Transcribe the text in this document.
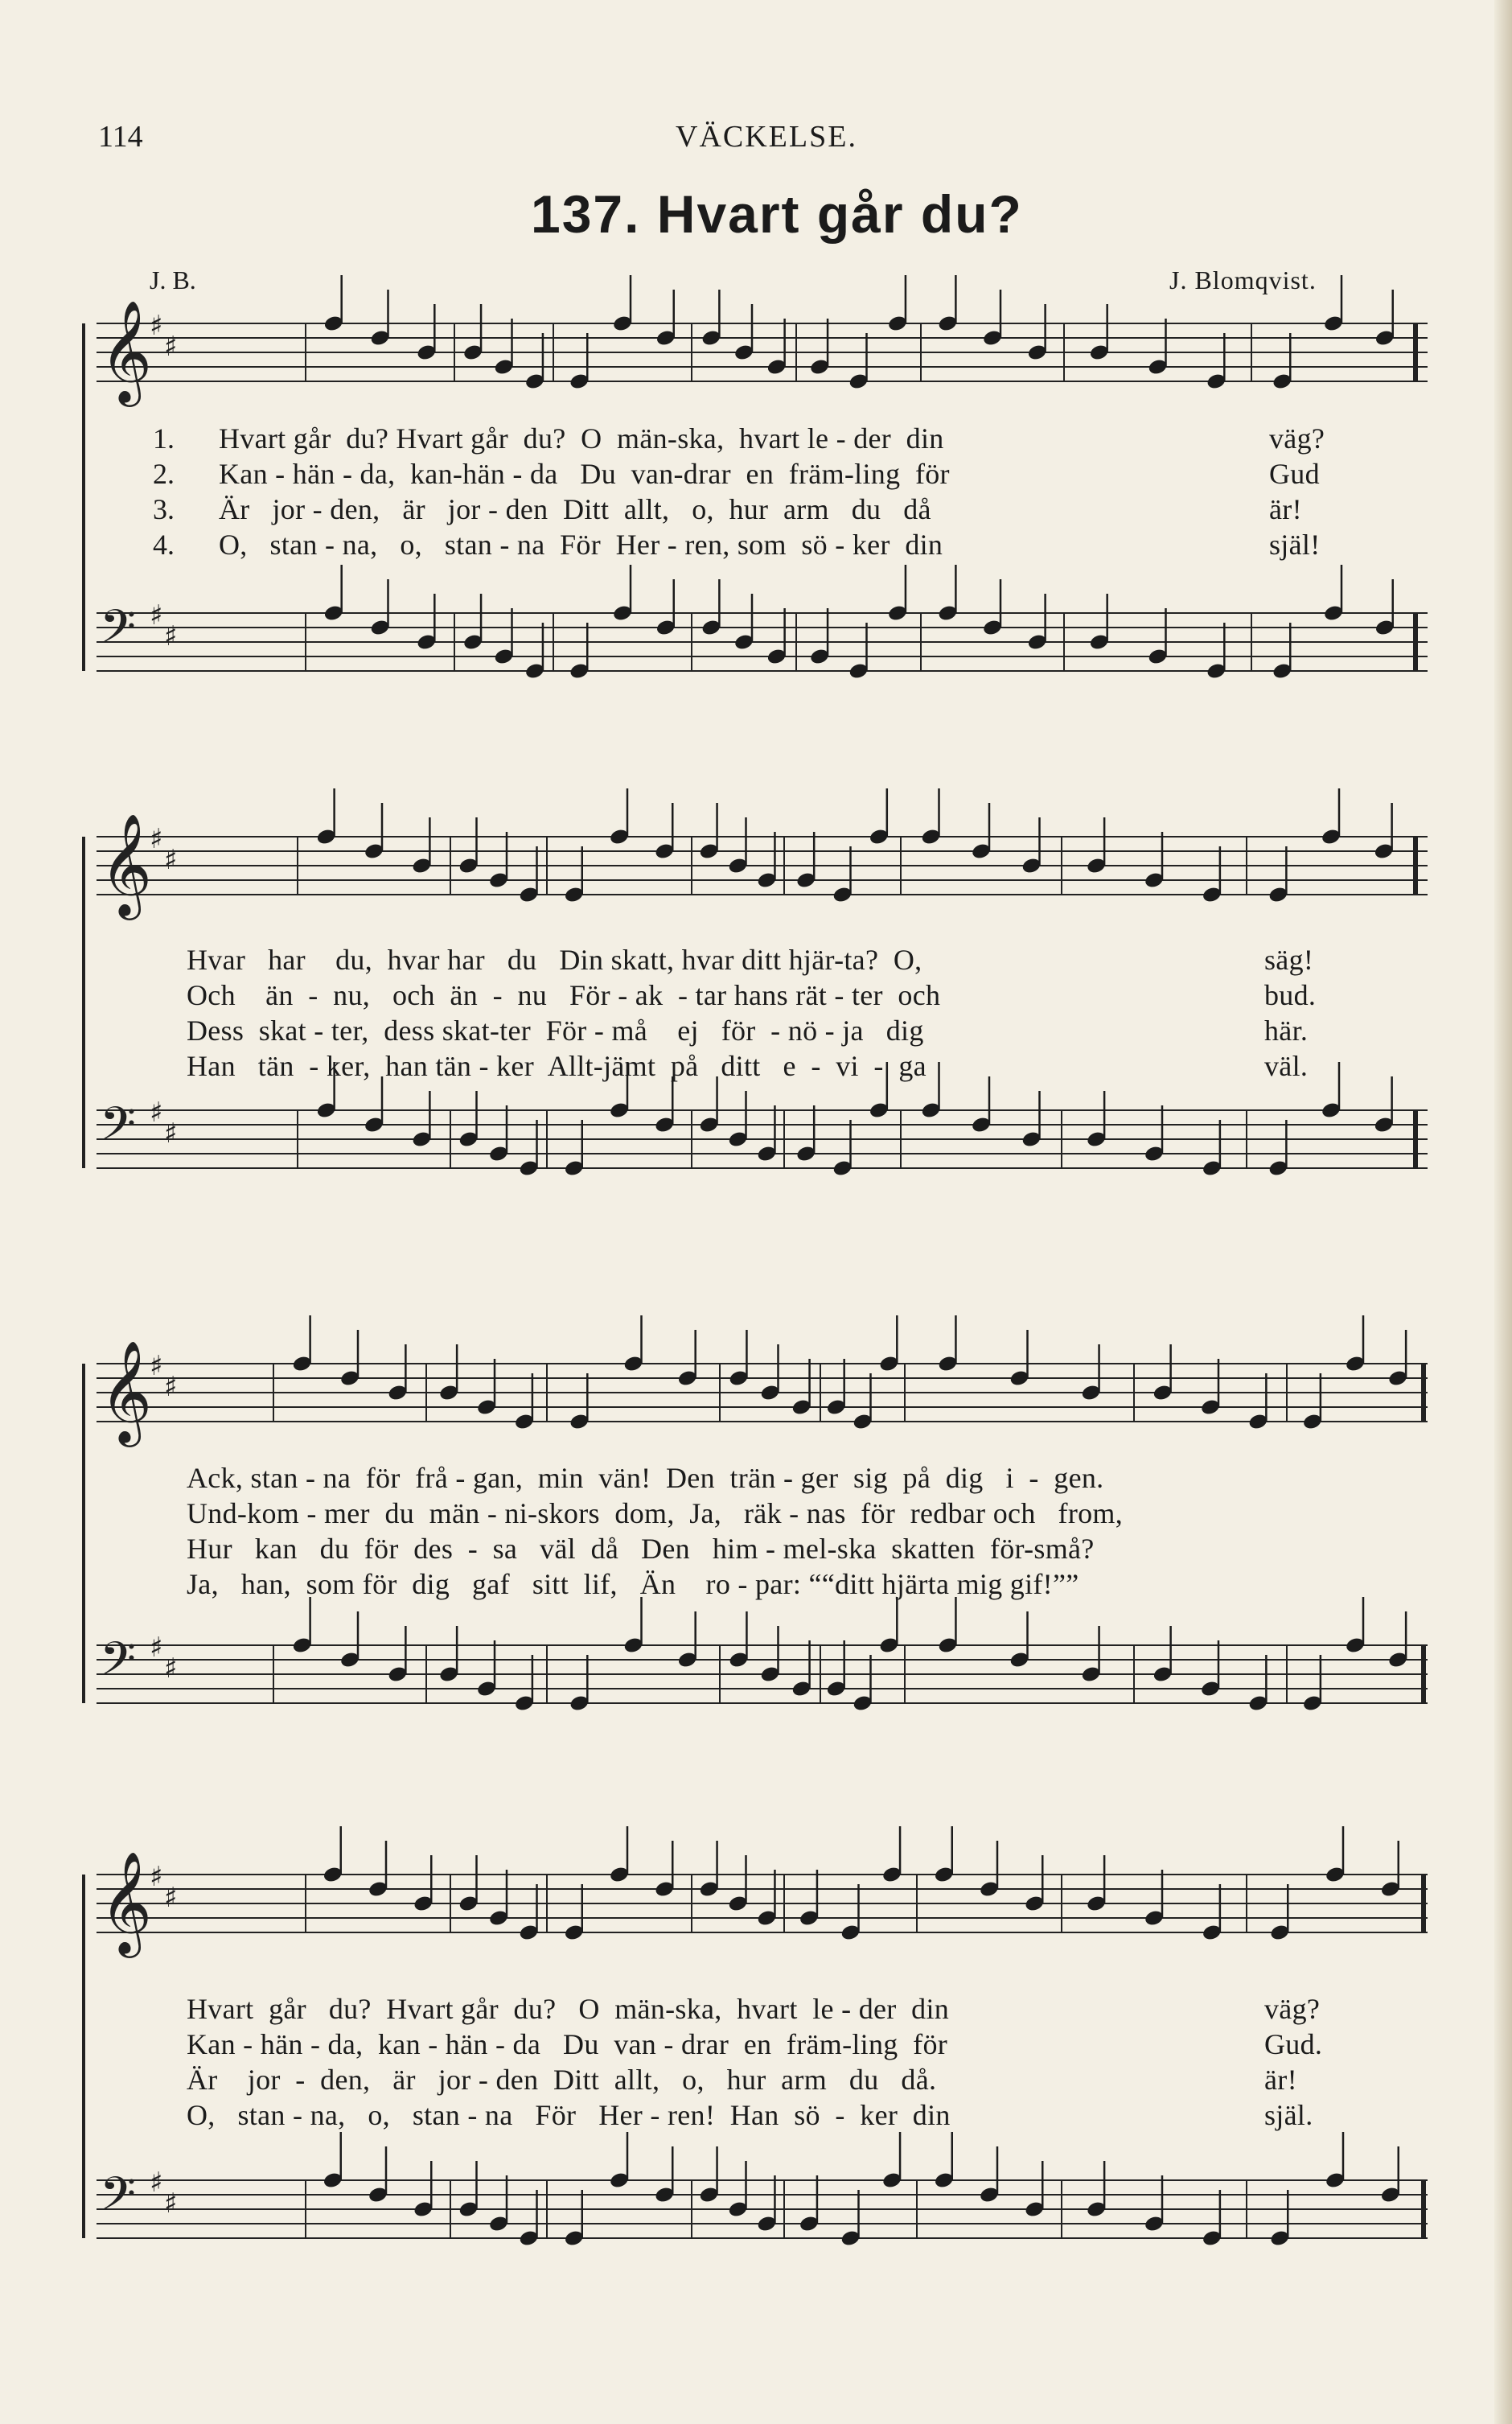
114	VÄCKELSE.
137. Hvart går du?
J. B.	J. Blomqvist.
𝄞
♯
♯
𝄢 ♯
♯
1.
2.
3.
4.
Hvart går  du? Hvart går  du?  O  män-ska,  hvart le - der  din
Kan - hän - da,  kan-hän - da   Du  van-drar  en  främ-ling  för
Är   jor - den,   är   jor - den  Ditt  allt,   o,  hur  arm   du   då
O,   stan - na,   o,   stan - na  För  Her - ren, som  sö - ker  din
väg?
Gud
är!
själ!
𝄞
♯
♯
𝄢 ♯
♯
Hvar   har    du,  hvar har   du   Din skatt, hvar ditt hjär-ta?  O,
Och    än  -  nu,   och  än  -  nu   För - ak  - tar hans rät - ter  och
Dess  skat - ter,  dess skat-ter  För - må    ej   för  - nö - ja   dig
Han   tän  - ker,  han tän - ker  Allt-jämt  på   ditt   e  -  vi  -  ga
säg!
bud.
här.
väl.
𝄞
♯
♯
𝄢 ♯
♯
Ack, stan - na  för  frå - gan,  min  vän!  Den  trän - ger  sig  på  dig   i  -  gen.
Und-kom - mer  du  män - ni-skors  dom,  Ja,   räk - nas  för  redbar och   from,
Hur   kan   du  för  des  -  sa   väl  då   Den   him - mel-ska  skatten  för-små?
Ja,   han,  som för  dig   gaf   sitt  lif,   Än    ro - par: ““ditt hjärta mig gif!””
𝄞
♯
♯
𝄢 ♯
♯
Hvart  går   du?  Hvart går  du?   O  män-ska,  hvart  le - der  din
Kan - hän - da,  kan - hän - da   Du  van - drar  en  främ-ling  för
Är    jor  -  den,   är   jor - den  Ditt  allt,   o,   hur  arm   du   då.
O,   stan - na,   o,   stan - na   För   Her - ren!  Han  sö  -  ker  din
väg?
Gud.
är!
själ.
